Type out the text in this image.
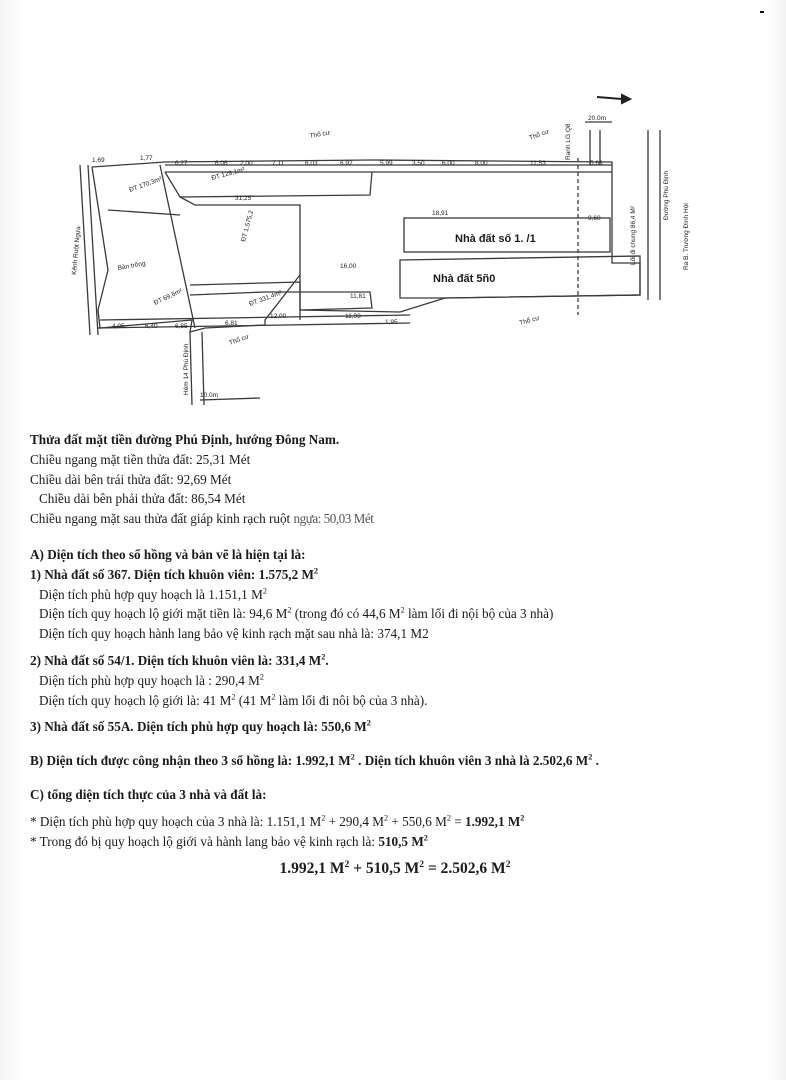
20.0m
10.0m
Thổ cư	Thổ cư
Thổ cư
Thổ cư
Bàn trống
Ranh LG Q8
Lối đi chung 86,4 M²
Đường Phú Định
Ra B. Trương Đình Hội
Kênh Ruột Ngựa
Hẻm 14 Phú Định
ĐT 170,3m²
ĐT 129,1m²
ĐT 1.575,2
ĐT 69,6m²	ĐT 331,4m²
1,69	1,77
6,27	6,06 2,00	7,11	6,03	6,92	5,99	3,50	6,00	8,00	11,53	5,66
31,25
18,91
16,00
11,81
12,00	11,93
6,81
4,05	6,40	6,85
1,95
9,60
Nhà đất số 1. /1
Nhà đất 5ñ0

Thửa đất mặt tiền đường Phú Định, hướng Đông Nam.

Chiều ngang mặt tiền thửa đất: 25,31 Mét

Chiều dài bên trái thửa đất: 92,69 Mét

Chiều dài bên phải thửa đất: 86,54 Mét

Chiều ngang mặt sau thửa đất giáp kinh rạch ruột ngựa: 50,03 Mét

A) Diện tích theo sổ hồng và bản vẽ là hiện tại là:

1) Nhà đất số 367. Diện tích khuôn viên: 1.575,2 $M^2$

Diện tích phù hợp quy hoạch là 1.151,1 $M^2$

Diện tích quy hoạch lộ giới mặt tiền là: 94,6 $M^2$ (trong đó có 44,6 $M^2$ làm lối đi nội bộ của 3 nhà)

Diện tích quy hoạch hành lang bảo vệ kinh rạch mặt sau nhà là: 374,1 M2

2) Nhà đất số 54/1. Diện tích khuôn viên là: 331,4 $M^2$.

Diện tích phù hợp quy hoạch là : 290,4 $M^2$

Diện tích quy hoạch lộ giới là: 41 $M^2$ (41 $M^2$ làm lối đi nôi bộ của 3 nhà).

3) Nhà đất số 55A. Diện tích phù hợp quy hoạch là: 550,6 $M^2$

B) Diện tích được công nhận theo 3 sổ hồng là: 1.992,1 $M^2$ . Diện tích khuôn viên 3 nhà là 2.502,6 $M^2$ .

C) tổng diện tích thực của 3 nhà và đất là:

* Diện tích phù hợp quy hoạch của 3 nhà là: 1.151,1 $M^2 + 290,4$ $M^2 + 550,6$ $M^2 = 1.992,1$ $M^2$

* Trong đó bị quy hoạch lộ giới và hành lang bảo vệ kinh rạch là: 510,5 $M^2$

1.992,1 $M^2 + 510,5$ $M^2 = 2.502,6$ $M^2$
